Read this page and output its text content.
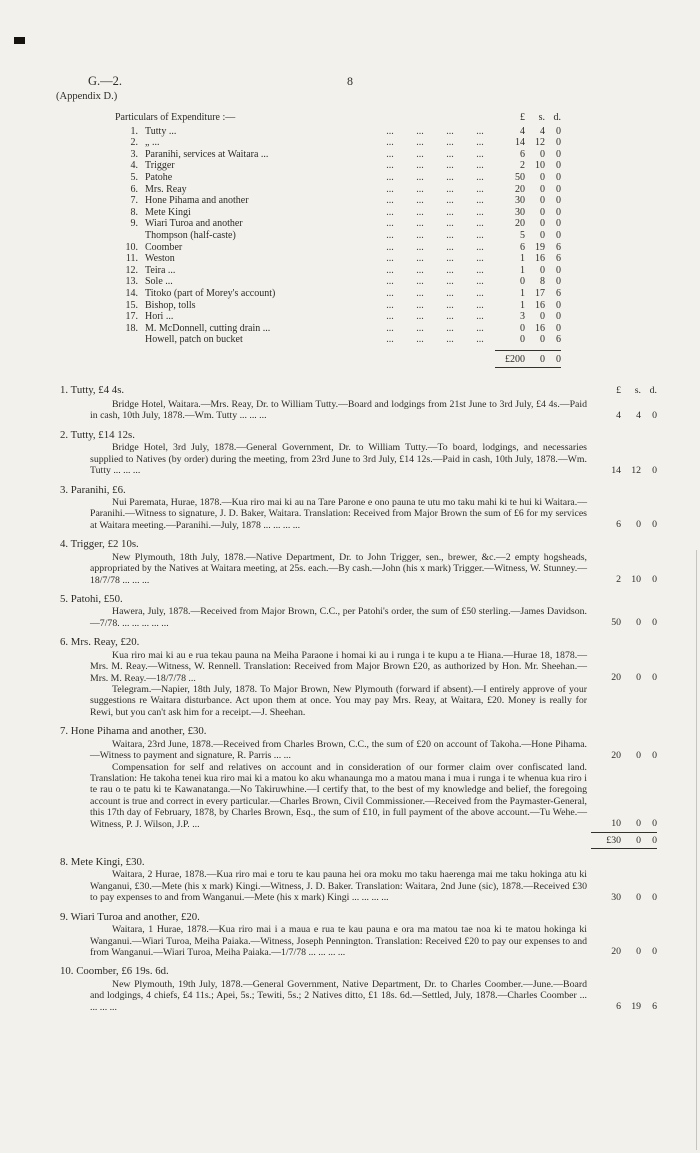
G.—2.	8
(Appendix D.)
Particulars of Expenditure :—	£	s. d.
1. Tutty ... ... ... ... ...	4	4	0
2. „ ... ... ... ... ...	14	12	0
3. Paranihi, services at Waitara ... ... ... ... ...	6	0	0
4. Trigger ... ... ... ...	2	10	0
5. Patohe ... ... ... ...	50	0	0
6. Mrs. Reay ... ... ... ...	20	0	0
7. Hone Pihama and another ... ... ... ...	30	0	0
8. Mete Kingi ... ... ... ...	30	0	0
9. Wiari Turoa and another ... ... ... ...	20	0	0
Thompson (half-caste) ... ... ... ...	5	0	0
10. Coomber ... ... ... ...	6	19	6
11. Weston ... ... ... ...	1	16	6
12. Teira ... ... ... ... ...	1	0	0
13. Sole ... ... ... ... ...	0	8	0
14. Titoko (part of Morey's account) ... ... ... ...	1	17	6
15. Bishop, tolls ... ... ... ...	1	16	0
17. Hori ... ... ... ... ...	3	0	0
18. M. McDonnell, cutting drain ... ... ... ... ...	0	16	0
Howell, patch on bucket ... ... ... ...	0	0	6
£200	0	0
1. Tutty, £4 4s.	£	s. d.

Bridge Hotel, Waitara.—Mrs. Reay, Dr. to William Tutty.—Board and lodgings from 21st June to 3rd July, £4 4s.—Paid in cash, 10th July, 1878.—Wm. Tutty ... ... ...	4	4	0
2. Tutty, £14 12s.

Bridge Hotel, 3rd July, 1878.—General Government, Dr. to William Tutty.—To board, lodgings, and necessaries supplied to Natives (by order) during the meeting, from 23rd June to 3rd July, £14 12s.—Paid in cash, 10th July, 1878.—Wm. Tutty ... ... ...	14	12	0
3. Paranihi, £6.

Nui Paremata, Hurae, 1878.—Kua riro mai ki au na Tare Parone e ono pauna te utu mo taku mahi ki te hui ki Waitara.—Paranihi.—Witness to signature, J. D. Baker, Waitara. Translation: Received from Major Brown the sum of £6 for my services at Waitara meeting.—Paranihi.—July, 1878 ... ... ... ...	6	0	0
4. Trigger, £2 10s.

New Plymouth, 18th July, 1878.—Native Department, Dr. to John Trigger, sen., brewer, &c.—2 empty hogsheads, appropriated by the Natives at Waitara meeting, at 25s. each.—By cash.—John (his x mark) Trigger.—Witness, W. Stunney.—18/7/78 ... ... ...	2	10	0
5. Patohi, £50.

Hawera, July, 1878.—Received from Major Brown, C.C., per Patohi's order, the sum of £50 sterling.—James Davidson.—7/78. ... ... ... ... ...	50	0	0
6. Mrs. Reay, £20.

Kua riro mai ki au e rua tekau pauna na Meiha Paraone i homai ki au i runga i te kupu a te Hiana.—Hurae 18, 1878.—Mrs. M. Reay.—Witness, W. Rennell. Translation: Received from Major Brown £20, as authorized by Hon. Mr. Sheehan.—Mrs. M. Reay.—18/7/78 ...	20	0	0

Telegram.—Napier, 18th July, 1878. To Major Brown, New Plymouth (forward if absent).—I entirely approve of your suggestions re Waitara disturbance. Act upon them at once. You may pay Mrs. Reay, at Waitara, £20. Money is really for Rewi, but you can't ask him for a receipt.—J. Sheehan.

7. Hone Pihama and another, £30.

Waitara, 23rd June, 1878.—Received from Charles Brown, C.C., the sum of £20 on account of Takoha.—Hone Pihama.—Witness to payment and signature, R. Parris ... ...	20	0	0

Compensation for self and relatives on account and in consideration of our former claim over confiscated land. Translation: He takoha tenei kua riro mai ki a matou ko aku whanaunga mo a matou mana i mua i runga i te whenua kua riro i te rau o te patu ki te Kawanatanga.—No Takiruwhine.—I certify that, to the best of my knowledge and belief, the foregoing account is true and correct in every particular.—Charles Brown, Civil Commissioner.—Received from the Paymaster-General, this 17th day of February, 1878, by Charles Brown, Esq., the sum of £10, in full payment of the above account.—Tu Wehe.—Witness, P. J. Wilson, J.P. ...	10	0	0
£30	0	0
8. Mete Kingi, £30.

Waitara, 2 Hurae, 1878.—Kua riro mai e toru te kau pauna hei ora moku mo taku haerenga mai me taku hokinga atu ki Wanganui, £30.—Mete (his x mark) Kingi.—Witness, J. D. Baker. Translation: Waitara, 2nd June (sic), 1878.—Received £30 to pay expenses to and from Wanganui.—Mete (his x mark) Kingi ... ... ... ...	30	0	0
9. Wiari Turoa and another, £20.

Waitara, 1 Hurae, 1878.—Kua riro mai i a maua e rua te kau pauna e ora ma matou tae noa ki te matou hokinga ki Wanganui.—Wiari Turoa, Meiha Paiaka.—Witness, Joseph Pennington. Translation: Received £20 to pay our expenses to and from Wanganui.—Wiari Turoa, Meiha Paiaka.—1/7/78 ... ... ... ...	20	0	0
10. Coomber, £6 19s. 6d.

New Plymouth, 19th July, 1878.—General Government, Native Department, Dr. to Charles Coomber.—June.—Board and lodgings, 4 chiefs, £4 11s.; Apei, 5s.; Tewiti, 5s.; 2 Natives ditto, £1 18s. 6d.—Settled, July, 1878.—Charles Coomber ... ... ... ...	6	19	6
